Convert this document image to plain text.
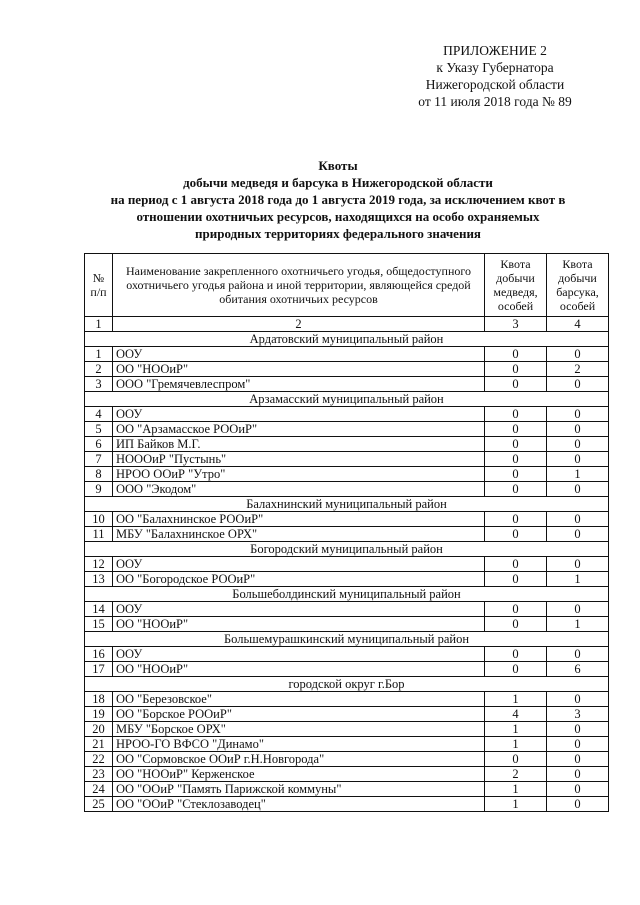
ПРИЛОЖЕНИЕ 2
к Указу Губернатора
Нижегородской области
от 11 июля 2018 года № 89
Квоты
добычи медведя и барсука в Нижегородской области
на период с 1 августа 2018 года до 1 августа 2019 года, за исключением квот в
отношении охотничьих ресурсов, находящихся на особо охраняемых
природных территориях федерального значения
№ п/п	Наименование закрепленного охотничьего угодья, общедоступного охотничьего угодья района и иной территории, являющейся средой обитания охотничьих ресурсов	Квота добычи медведя, особей	Квота добычи барсука, особей
1	2	3	4
Ардатовский муниципальный район			
1	ООУ	0	0
2	ОО "НООиР"	0	2
3	ООО "Гремячевлеспром"	0	0
Арзамасский муниципальный район			
4	ООУ	0	0
5	ОО "Арзамасское РООиР"	0	0
6	ИП Байков М.Г.	0	0
7	НОООиР "Пустынь"	0	0
8	НРОО ООиР "Утро"	0	1
9	ООО "Экодом"	0	0
Балахнинский муниципальный район			
10	ОО "Балахнинское РООиР"	0	0
11	МБУ "Балахнинское ОРХ"	0	0
Богородский муниципальный район			
12	ООУ	0	0
13	ОО "Богородское РООиР"	0	1
Большеболдинский муниципальный район			
14	ООУ	0	0
15	ОО "НООиР"	0	1
Большемурашкинский муниципальный район			
16	ООУ	0	0
17	ОО "НООиР"	0	6
городской округ г.Бор			
18	ОО "Березовское"	1	0
19	ОО "Борское РООиР"	4	3
20	МБУ "Борское ОРХ"	1	0
21	НРОО-ГО ВФСО "Динамо"	1	0
22	ОО "Сормовское ООиР г.Н.Новгорода"	0	0
23	ОО "НООиР" Керженское	2	0
24	ОО "ООиР "Память Парижской коммуны"	1	0
25	ОО "ООиР "Стеклозаводец"	1	0
